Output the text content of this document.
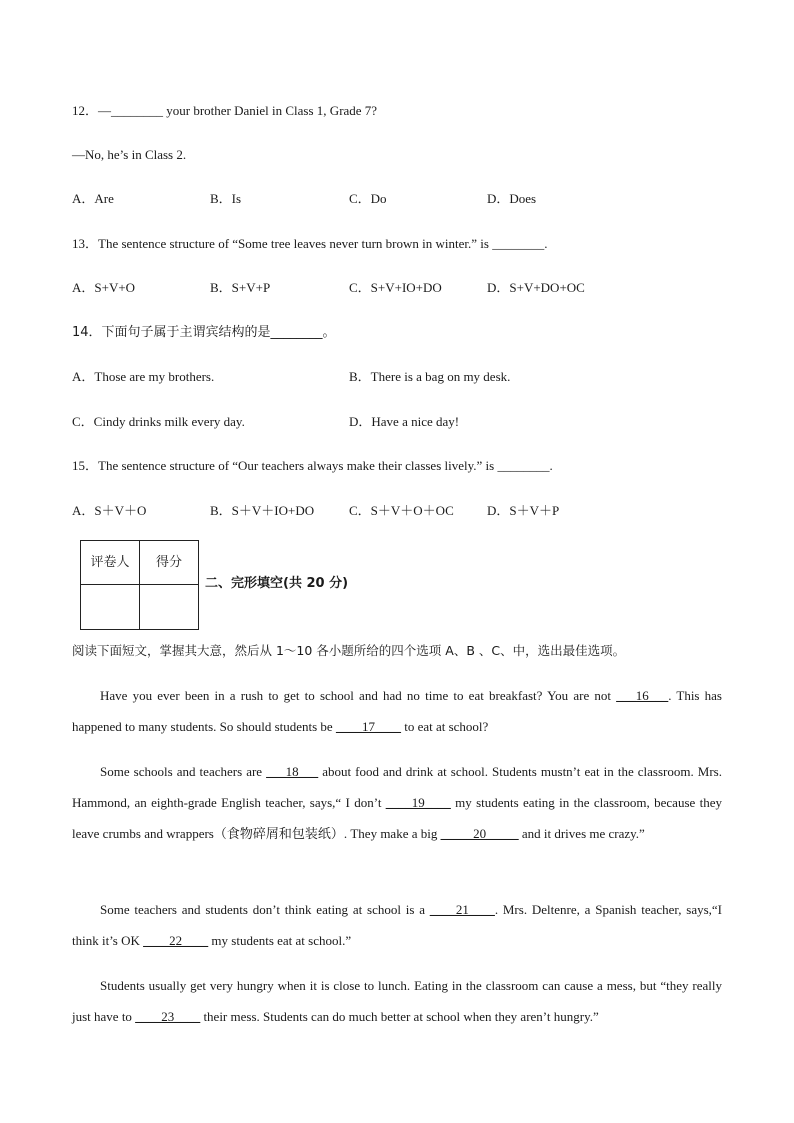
12．—________ your brother Daniel in Class 1, Grade 7?
—No, he’s in Class 2.
A．Are	B．Is	C．Do	D．Does
13．The sentence structure of “Some tree leaves never turn brown in winter.” is ________.
A．S+V+O	B．S+V+P	C．S+V+IO+DO	D．S+V+DO+OC
14．下面句子属于主谓宾结构的是________。
A．Those are my brothers.	B．There is a bag on my desk.
C．Cindy drinks milk every day.	D．Have a nice day!
15．The sentence structure of “Our teachers always make their classes lively.” is ________.
A．S＋V＋O	B．S＋V＋IO+DO	C．S＋V＋O＋OC	D．S＋V＋P
评卷人	得分

二、完形填空(共 20 分)
阅读下面短文，掌握其大意，然后从 1～10 各小题所给的四个选项 A、B 、C、中，选出最佳选项。

Have you ever been in a rush to get to school and had no time to eat breakfast? You are not ___16___. This has happened to many students. So should students be ____17____ to eat at school?

Some schools and teachers are ___18___ about food and drink at school. Students mustn’t eat in the classroom. Mrs. Hammond, an eighth-grade English teacher, says,“ I don’t ____19____ my students eating in the classroom, because they leave crumbs and wrappers（食物碎屑和包装纸）. They make a big _____20_____ and it drives me crazy.”

Some teachers and students don’t think eating at school is a ____21____. Mrs. Deltenre, a Spanish teacher, says,“I think it’s OK ____22____ my students eat at school.”

Students usually get very hungry when it is close to lunch. Eating in the classroom can cause a mess, but “they really just have to ____23____ their mess. Students can do much better at school when they aren’t hungry.”
